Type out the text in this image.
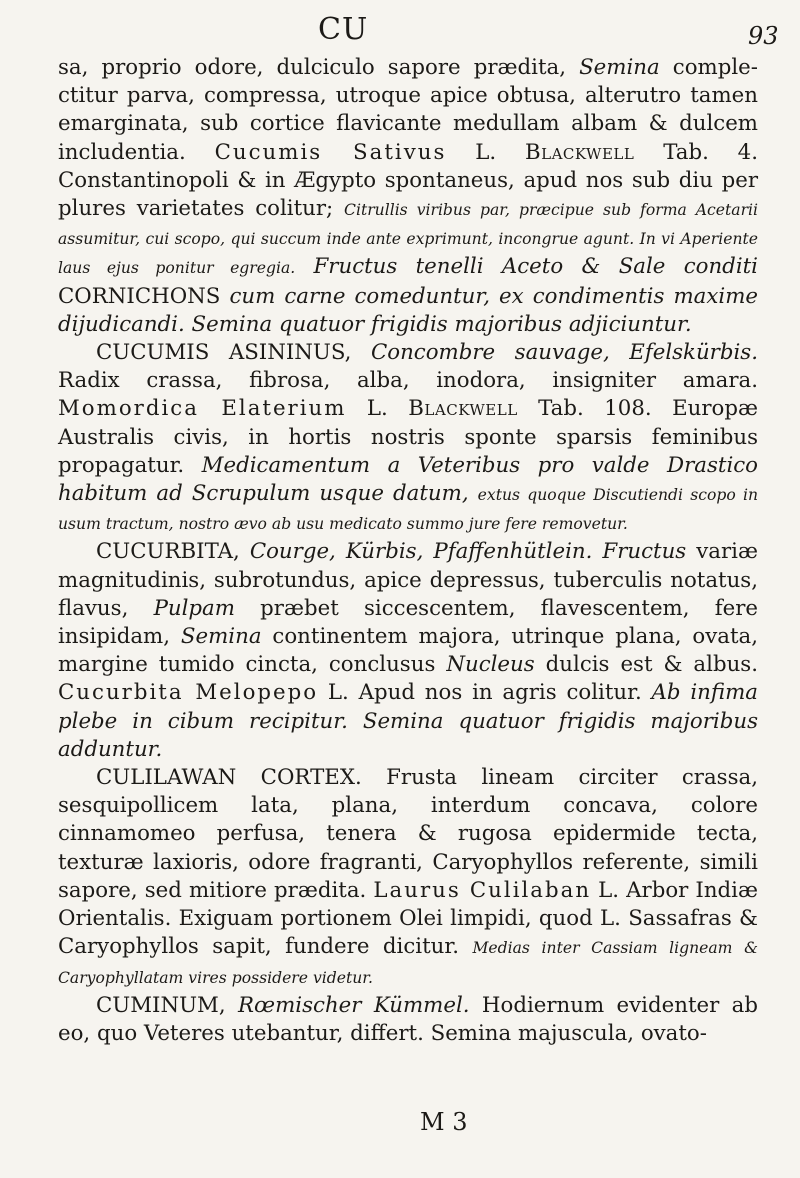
CU	93

sa, proprio odore, dulciculo sapore prædita, Semina comple-ctitur parva, compressa, utroque apice obtusa, alterutro tamen emarginata, sub cortice flavicante medullam albam & dulcem includentia. Cucumis Sativus L. Blackwell Tab. 4. Constantinopoli & in Ægypto spontaneus, apud nos sub diu per plures varietates colitur; Citrullis viribus par, præcipue sub forma Acetarii assumitur, cui scopo, qui succum inde ante exprimunt, incongrue agunt. In vi Aperiente laus ejus ponitur egregia. Fructus tenelli Aceto & Sale conditi CORNICHONS cum carne comeduntur, ex condimentis maxime dijudicandi. Semina quatuor frigidis majoribus adjiciuntur.

CUCUMIS ASININUS, Concombre sauvage, Efelskürbis. Radix crassa, fibrosa, alba, inodora, insigniter amara. Momordica Elaterium L. Blackwell Tab. 108. Europæ Australis civis, in hortis nostris sponte sparsis feminibus propagatur. Medicamentum a Veteribus pro valde Drastico habitum ad Scrupulum usque datum, extus quoque Discutiendi scopo in usum tractum, nostro ævo ab usu medicato summo jure fere removetur.

CUCURBITA, Courge, Kürbis, Pfaffenhütlein. Fructus variæ magnitudinis, subrotundus, apice depressus, tuberculis notatus, flavus, Pulpam præbet siccescentem, flavescentem, fere insipidam, Semina continentem majora, utrinque plana, ovata, margine tumido cincta, conclusus Nucleus dulcis est & albus. Cucurbita Melopepo L. Apud nos in agris colitur. Ab infima plebe in cibum recipitur. Semina quatuor frigidis majoribus adduntur.

CULILAWAN CORTEX. Frusta lineam circiter crassa, sesquipollicem lata, plana, interdum concava, colore cinnamomeo perfusa, tenera & rugosa epidermide tecta, texturæ laxioris, odore fragranti, Caryophyllos referente, simili sapore, sed mitiore prædita. Laurus Culilaban L. Arbor Indiæ Orientalis. Exiguam portionem Olei limpidi, quod L. Sassafras & Caryophyllos sapit, fundere dicitur. Medias inter Cassiam ligneam & Caryophyllatam vires possidere videtur.

CUMINUM, Rœmischer Kümmel. Hodiernum evidenter ab eo, quo Veteres utebantur, differt. Semina majuscula, ovato-

M 3
